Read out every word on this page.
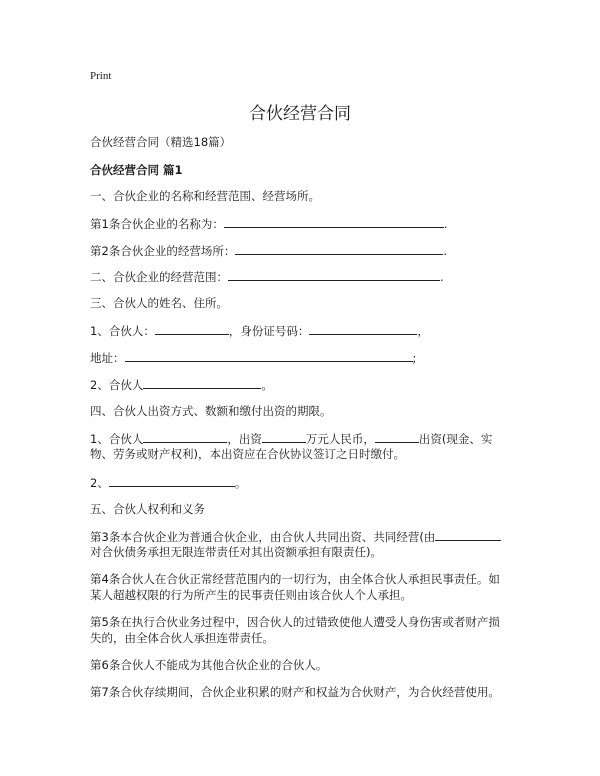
Print
合伙经营合同
合伙经营合同（精选18篇）
合伙经营合同 篇1
一、合伙企业的名称和经营范围、经营场所。
第1条合伙企业的名称为：	.
第2条合伙企业的经营场所：	.
二、合伙企业的经营范围：	.
三、合伙人的姓名、住所。
1、合伙人：	，身份证号码：	，
地址：	;
2、合伙人	。
四、合伙人出资方式、数额和缴付出资的期限。
1、合伙人	，出资	万元人民币，	出资(现金、实
物、劳务或财产权利)，本出资应在合伙协议签订之日时缴付。
2、	。
五、合伙人权利和义务
第3条本合伙企业为普通合伙企业，由合伙人共同出资、共同经营(由
对合伙债务承担无限连带责任对其出资额承担有限责任)。
第4条合伙人在合伙正常经营范围内的一切行为，由全体合伙人承担民事责任。如
某人超越权限的行为所产生的民事责任则由该合伙人个人承担。
第5条在执行合伙业务过程中，因合伙人的过错致使他人遭受人身伤害或者财产损
失的，由全体合伙人承担连带责任。
第6条合伙人不能成为其他合伙企业的合伙人。
第7条合伙存续期间，合伙企业积累的财产和权益为合伙财产，为合伙经营使用。
